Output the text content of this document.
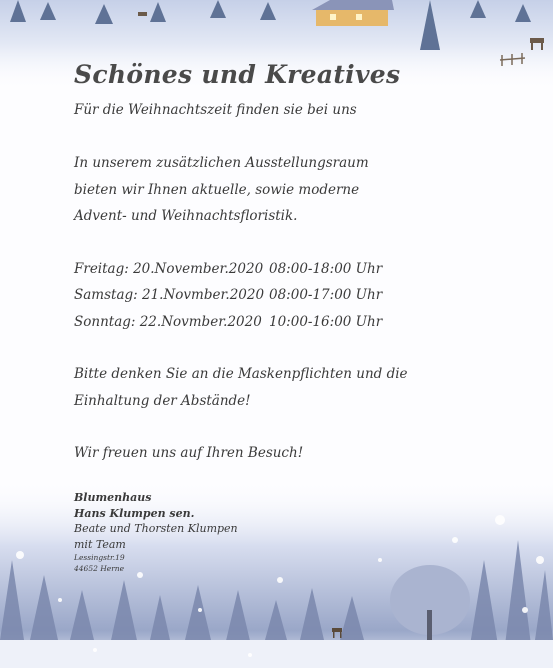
Schönes und Kreatives
Für die Weihnachtszeit finden sie bei uns
In unserem zusätzlichen Ausstellungsraum
bieten wir Ihnen aktuelle, sowie moderne
Advent- und Weihnachtsfloristik.
Freitag: 20.November.2020 08:00-18:00 Uhr
Samstag: 21.Novmber.2020 08:00-17:00 Uhr
Sonntag: 22.Novmber.2020 10:00-16:00 Uhr
Bitte denken Sie an die Maskenpflichten und die
Einhaltung der Abstände!
Wir freuen uns auf Ihren Besuch!
Blumenhaus
Hans Klumpen sen.
Beate und Thorsten Klumpen
mit Team
Lessingstr.19
44652 Herne
